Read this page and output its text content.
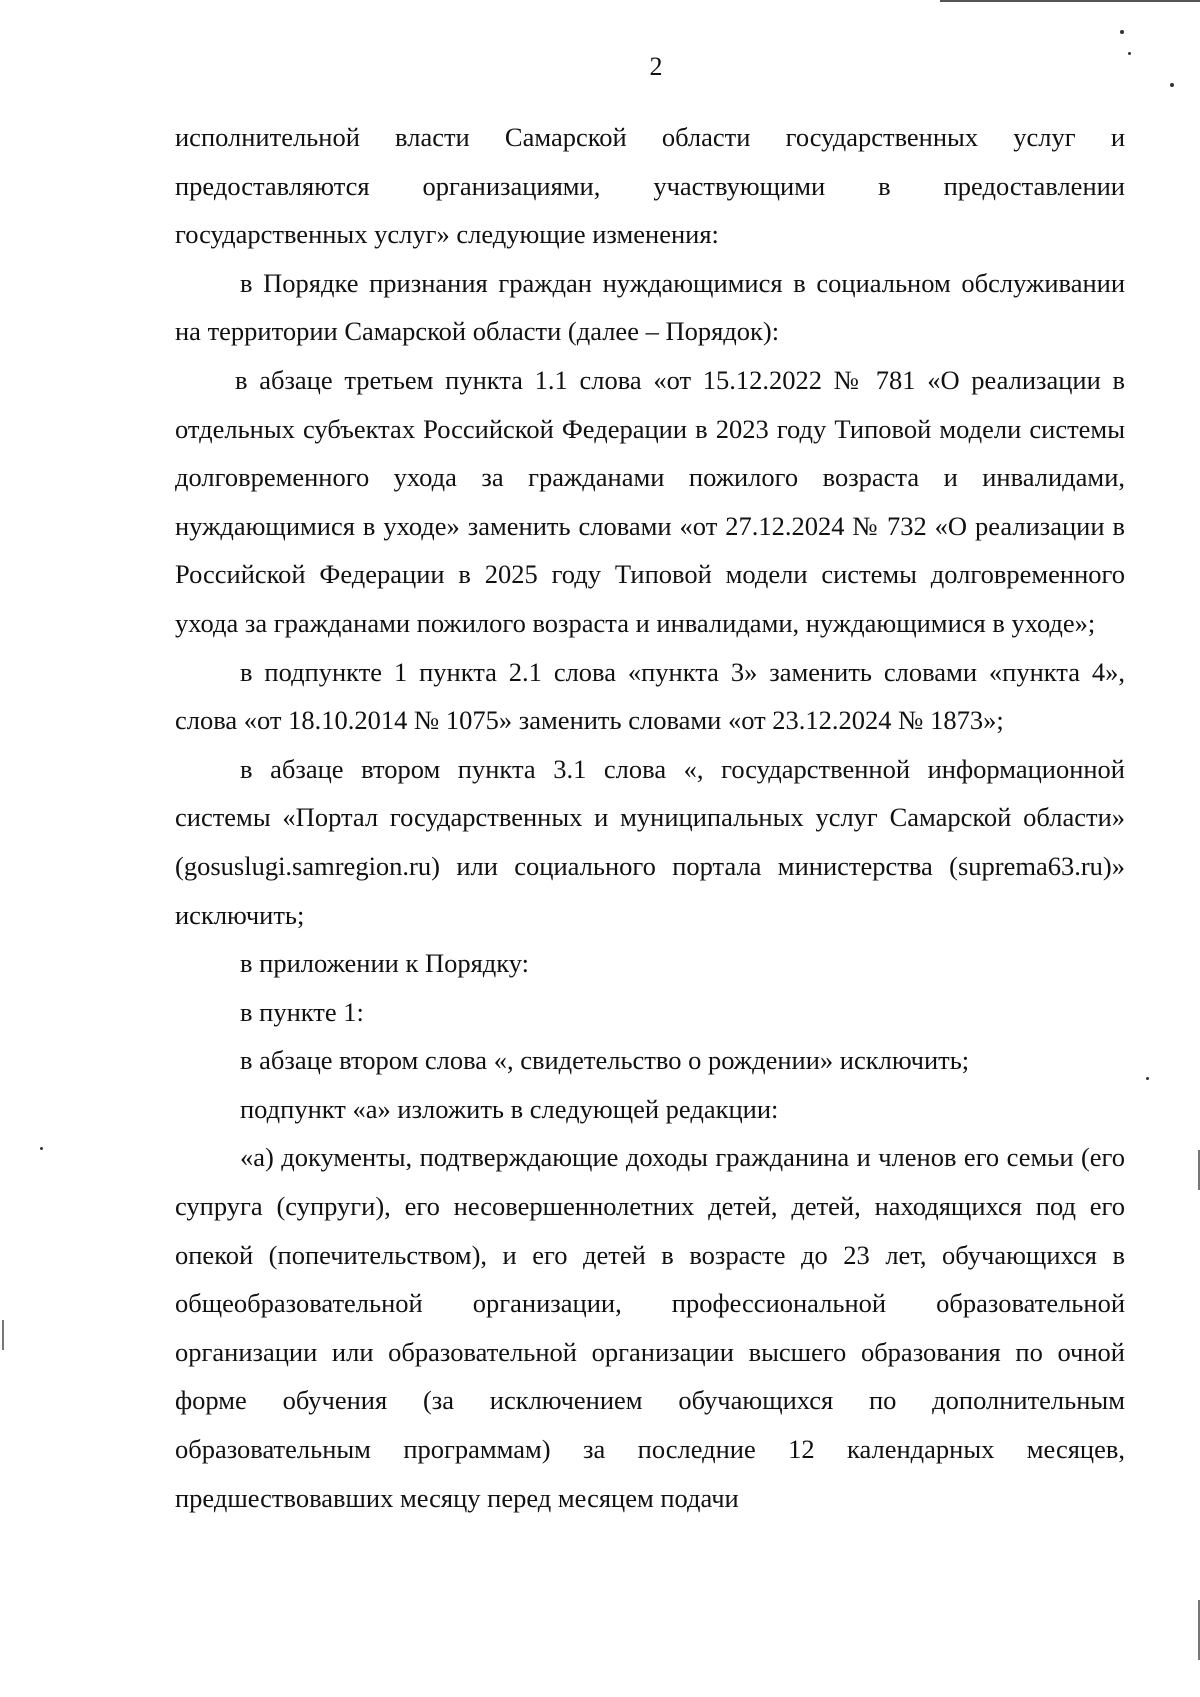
2

исполнительной власти Самарской области государственных услуг и предоставляются организациями, участвующими в предоставлении государственных услуг» следующие изменения:

в Порядке признания граждан нуждающимися в социальном обслуживании на территории Самарской области (далее – Порядок):

в абзаце третьем пункта 1.1 слова «от 15.12.2022 № 781 «О реализации в отдельных субъектах Российской Федерации в 2023 году Типовой модели системы долговременного ухода за гражданами пожилого возраста и инвалидами, нуждающимися в уходе» заменить словами «от 27.12.2024 № 732 «О реализации в Российской Федерации в 2025 году Типовой модели системы долговременного ухода за гражданами пожилого возраста и инвалидами, нуждающимися в уходе»;

в подпункте 1 пункта 2.1 слова «пункта 3» заменить словами «пункта 4», слова «от 18.10.2014 № 1075» заменить словами «от 23.12.2024 № 1873»;

в абзаце втором пункта 3.1 слова «, государственной информационной системы «Портал государственных и муниципальных услуг Самарской области» (gosuslugi.samregion.ru) или социального портала министерства (suprema63.ru)» исключить;

в приложении к Порядку:

в пункте 1:

в абзаце втором слова «, свидетельство о рождении» исключить;

подпункт «а» изложить в следующей редакции:

«а) документы, подтверждающие доходы гражданина и членов его семьи (его супруга (супруги), его несовершеннолетних детей, детей, находящихся под его опекой (попечительством), и его детей в возрасте до 23 лет, обучающихся в общеобразовательной организации, профессиональной образовательной организации или образовательной организации высшего образования по очной форме обучения (за исключением обучающихся по дополнительным образовательным программам) за последние 12 календарных месяцев, предшествовавших месяцу перед месяцем подачи
